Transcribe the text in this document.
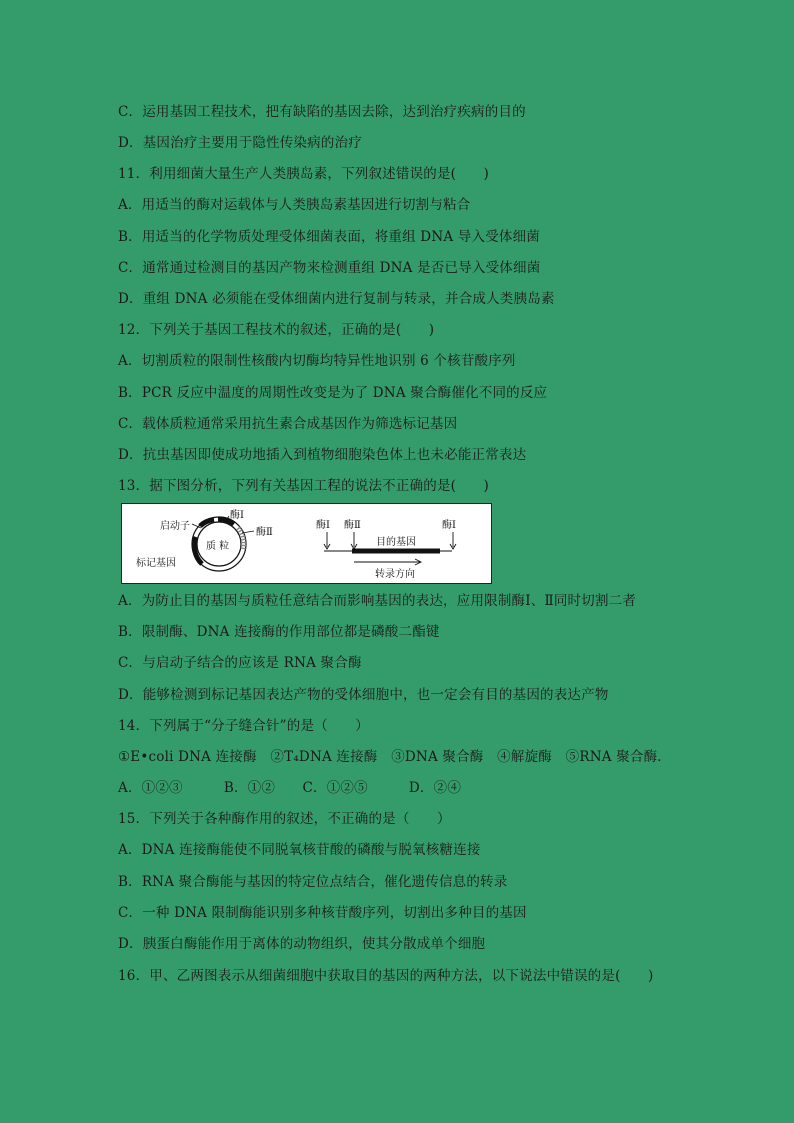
C．运用基因工程技术，把有缺陷的基因去除，达到治疗疾病的目的
D．基因治疗主要用于隐性传染病的治疗
11．利用细菌大量生产人类胰岛素，下列叙述错误的是(　　)
A．用适当的酶对运载体与人类胰岛素基因进行切割与粘合
B．用适当的化学物质处理受体细菌表面，将重组 DNA 导入受体细菌
C．通常通过检测目的基因产物来检测重组 DNA 是否已导入受体细菌
D．重组 DNA 必须能在受体细菌内进行复制与转录，并合成人类胰岛素
12．下列关于基因工程技术的叙述，正确的是(　　)
A．切割质粒的限制性核酸内切酶均特异性地识别 6 个核苷酸序列
B．PCR 反应中温度的周期性改变是为了 DNA 聚合酶催化不同的反应
C．载体质粒通常采用抗生素合成基因作为筛选标记基因
D．抗虫基因即使成功地插入到植物细胞染色体上也未必能正常表达
13．据下图分析，下列有关基因工程的说法不正确的是(　　)
启动子
酶Ⅰ
酶Ⅱ
标记基因
质 粒
酶Ⅰ 酶Ⅱ
目的基因
酶Ⅰ
转录方向
A．为防止目的基因与质粒任意结合而影响基因的表达，应用限制酶Ⅰ、Ⅱ同时切割二者
B．限制酶、DNA 连接酶的作用部位都是磷酸二酯键
C．与启动子结合的应该是 RNA 聚合酶
D．能够检测到标记基因表达产物的受体细胞中，也一定会有目的基因的表达产物
14．下列属于“分子缝合针”的是（　　）
①E•coli DNA 连接酶　②T₄DNA 连接酶　③DNA 聚合酶　④解旋酶　⑤RNA 聚合酶．
A．①②③　　　B．①②　　C．①②⑤　　　D．②④
15．下列关于各种酶作用的叙述，不正确的是（　　）
A．DNA 连接酶能使不同脱氧核苷酸的磷酸与脱氧核糖连接
B．RNA 聚合酶能与基因的特定位点结合，催化遗传信息的转录
C．一种 DNA 限制酶能识别多种核苷酸序列，切割出多种目的基因
D．胰蛋白酶能作用于离体的动物组织，使其分散成单个细胞
16．甲、乙两图表示从细菌细胞中获取目的基因的两种方法，以下说法中错误的是(　　)
